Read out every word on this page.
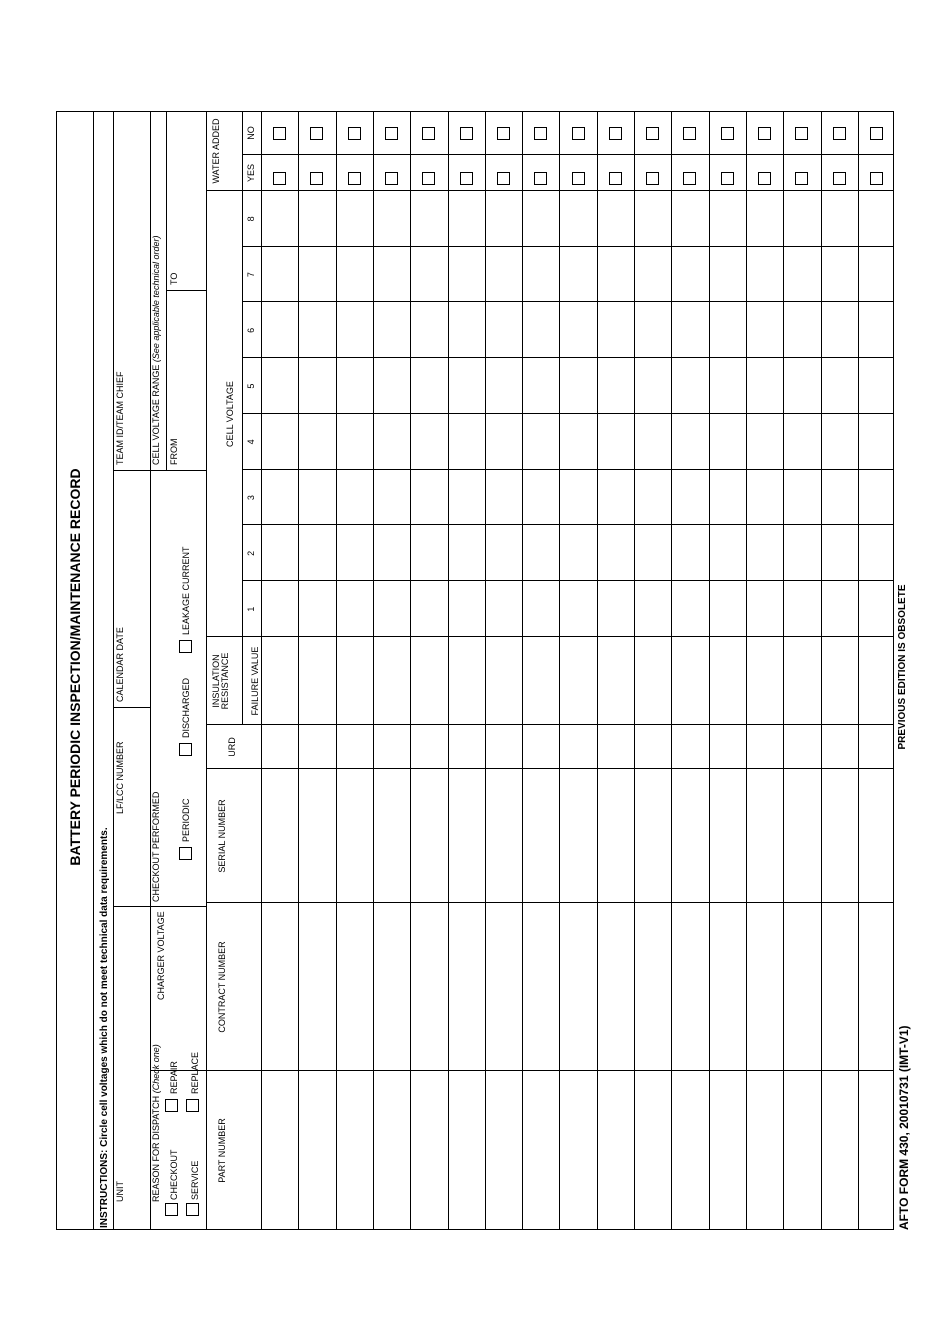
BATTERY PERIODIC INSPECTION/MAINTENANCE RECORD
INSTRUCTIONS: Circle cell voltages which do not meet technical data requirements. UNIT
LF/LCC NUMBER
CALENDAR DATE
TEAM ID/TEAM CHIEF
REASON FOR DISPATCH (Check one)
CHECKOUT
REPAIR
SERVICE
REPLACE
CHARGER VOLTAGE
CHECKOUT PERFORMED PERIODIC
DISCHARGED
LEAKAGE CURRENT
CELL VOLTAGE RANGE (See applicable technical order)
FROM
TO
PART NUMBER
CONTRACT NUMBER
SERIAL NUMBER
URD
INSULATION RESISTANCE FAILURE VALUE
CELL VOLTAGE
WATER ADDED	YES
NO
1
2
3
4
5
6
7
8
AFTO FORM 430, 20010731 (IMT-V1)
PREVIOUS EDITION IS OBSOLETE
